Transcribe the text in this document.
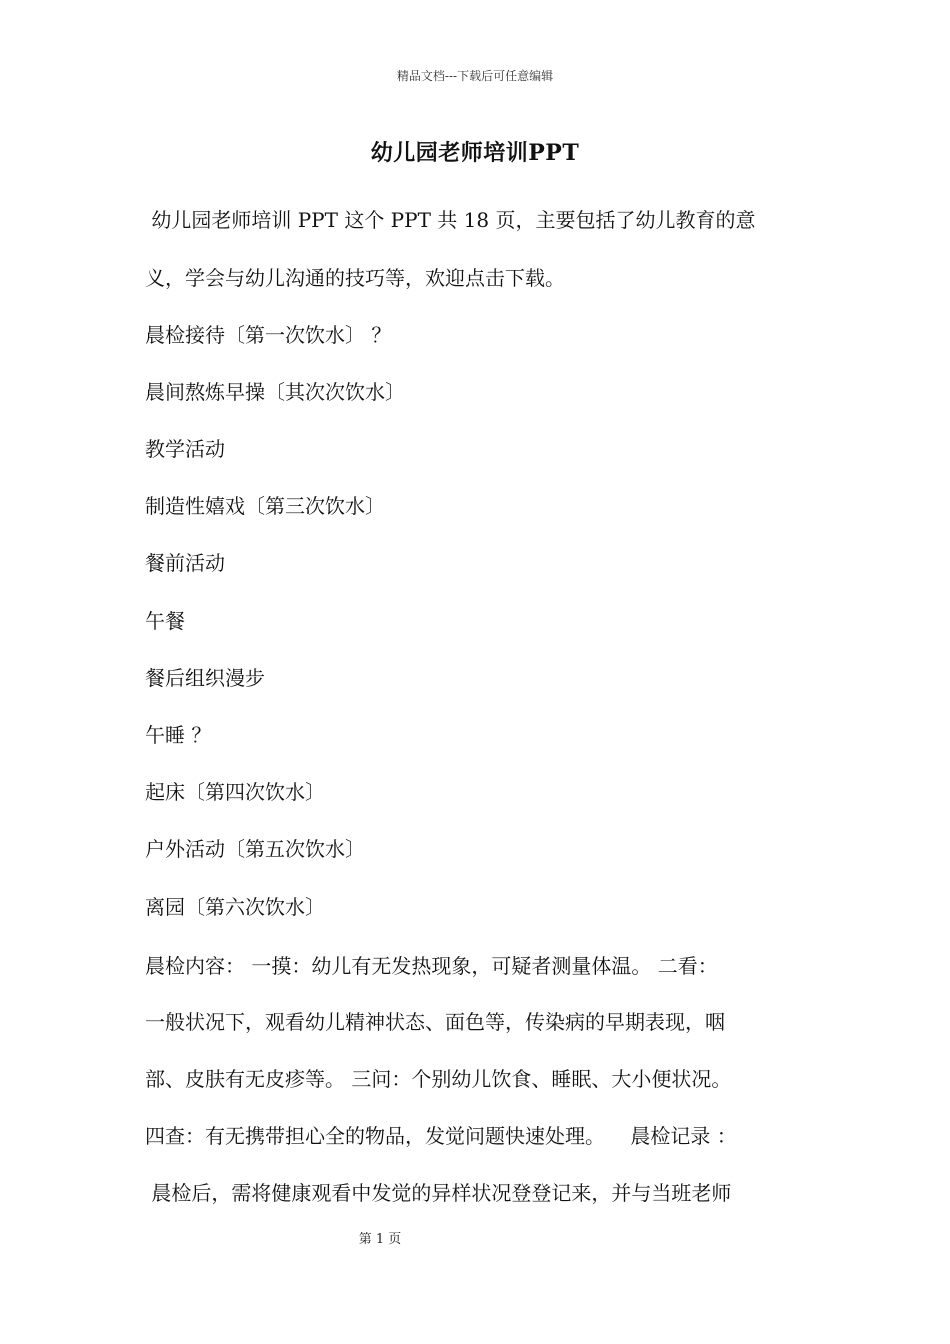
精品文档---下载后可任意编辑
幼儿园老师培训PPT
幼儿园老师培训 PPT 这个 PPT 共 18 页，主要包括了幼儿教育的意
义，学会与幼儿沟通的技巧等，欢迎点击下载。
晨检接待〔第一次饮水〕 ？
晨间熬炼早操〔其次次饮水〕
教学活动
制造性嬉戏〔第三次饮水〕
餐前活动
午餐
餐后组织漫步
午睡 ？
起床〔第四次饮水〕
户外活动〔第五次饮水〕
离园〔第六次饮水〕
晨检内容： 一摸：幼儿有无发热现象，可疑者测量体温。 二看：
一般状况下，观看幼儿精神状态、面色等，传染病的早期表现，咽
部、皮肤有无皮疹等。 三问：个别幼儿饮食、睡眠、大小便状况。
四查：有无携带担心全的物品，发觉问题快速处理。    晨检记录 ：
晨检后，需将健康观看中发觉的异样状况登登记来，并与当班老师
第 1 页
